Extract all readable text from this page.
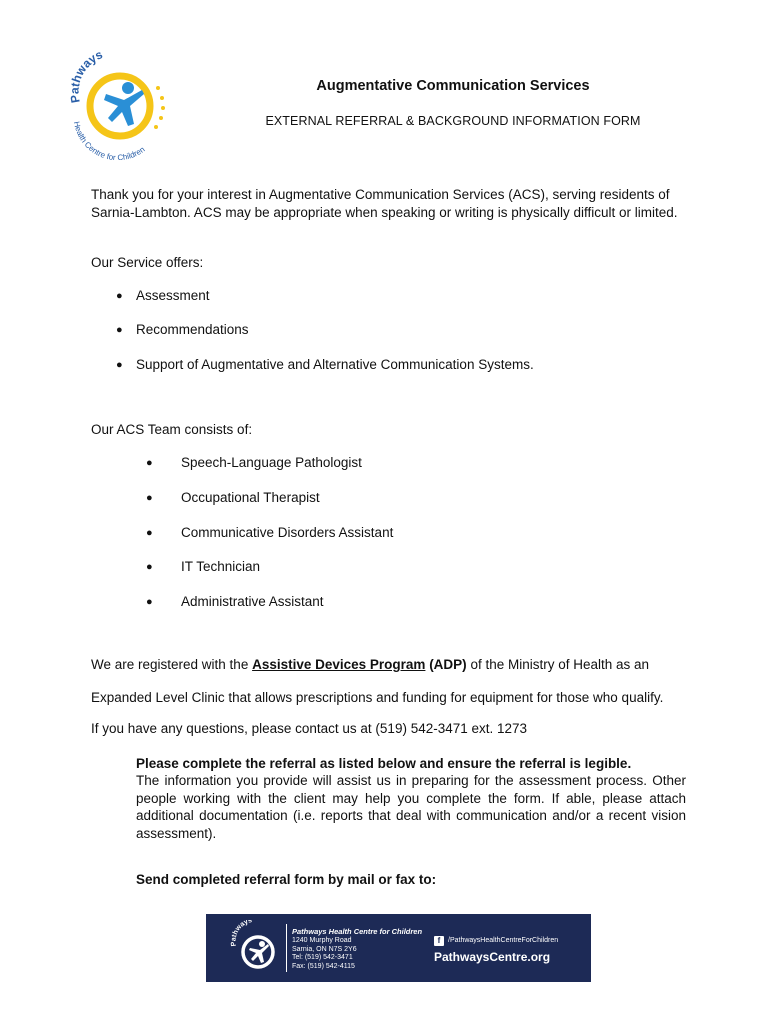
Pathways
Health Centre for Children
Augmentative Communication Services
EXTERNAL REFERRAL & BACKGROUND INFORMATION FORM

Thank you for your interest in Augmentative Communication Services (ACS), serving residents of Sarnia-Lambton. ACS may be appropriate when speaking or writing is physically difficult or limited.

Our Service offers:
● Assessment
● Recommendations
● Support of Augmentative and Alternative Communication Systems.
Our ACS Team consists of:
● Speech-Language Pathologist
● Occupational Therapist
● Communicative Disorders Assistant
● IT Technician
● Administrative Assistant
We are registered with the Assistive Devices Program (ADP) of the Ministry of Health as an
Expanded Level Clinic that allows prescriptions and funding for equipment for those who qualify.
If you have any questions, please contact us at (519) 542-3471 ext. 1273
Please complete the referral as listed below and ensure the referral is legible.

The information you provide will assist us in preparing for the assessment process. Other people working with the client may help you complete the form. If able, please attach additional documentation (i.e. reports that deal with communication and/or a recent vision assessment).

Send completed referral form by mail or fax to:
Pathways
Pathways Health Centre for Children
1240 Murphy Road
Sarnia, ON N7S 2Y6
Tel: (519) 542-3471
Fax: (519) 542-4115
f	/PathwaysHealthCentreForChildren
PathwaysCentre.org
